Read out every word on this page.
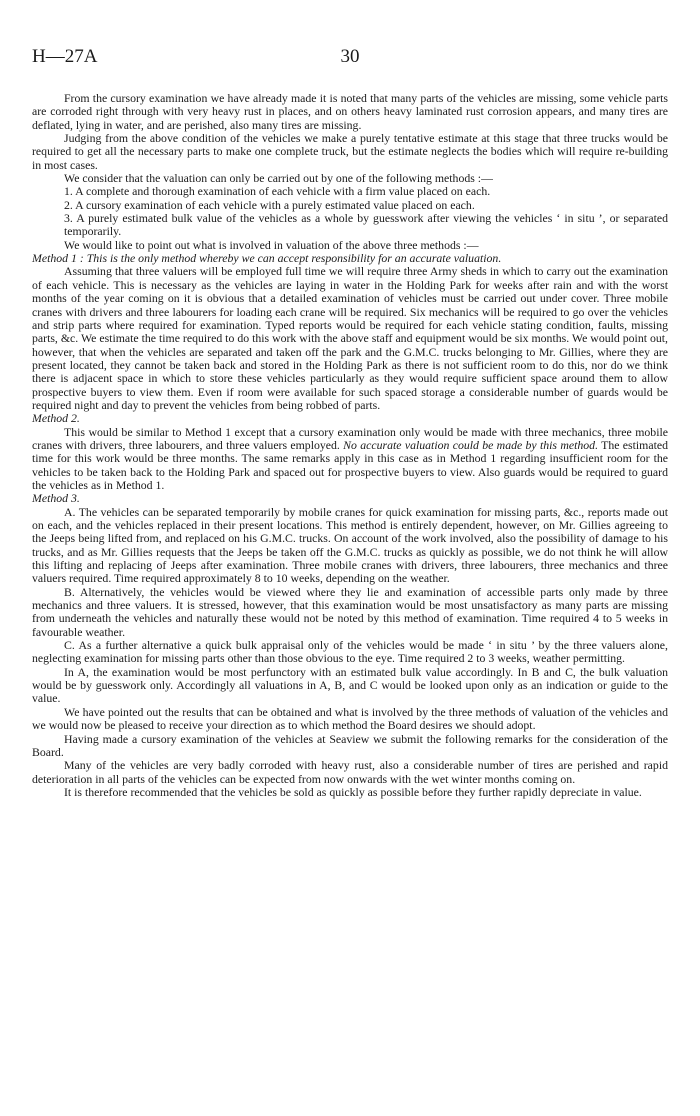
H—27A	30

From the cursory examination we have already made it is noted that many parts of the vehicles are missing, some vehicle parts are corroded right through with very heavy rust in places, and on others heavy laminated rust corrosion appears, and many tires are deflated, lying in water, and are perished, also many tires are missing.

Judging from the above condition of the vehicles we make a purely tentative estimate at this stage that three trucks would be required to get all the necessary parts to make one complete truck, but the estimate neglects the bodies which will require re-building in most cases.

We consider that the valuation can only be carried out by one of the following methods :—

1. A complete and thorough examination of each vehicle with a firm value placed on each.

2. A cursory examination of each vehicle with a purely estimated value placed on each.

3. A purely estimated bulk value of the vehicles as a whole by guesswork after viewing the vehicles ‘ in situ ’, or separated temporarily.

We would like to point out what is involved in valuation of the above three methods :—

Method 1 : This is the only method whereby we can accept responsibility for an accurate valuation.

Assuming that three valuers will be employed full time we will require three Army sheds in which to carry out the examination of each vehicle. This is necessary as the vehicles are laying in water in the Holding Park for weeks after rain and with the worst months of the year coming on it is obvious that a detailed examination of vehicles must be carried out under cover. Three mobile cranes with drivers and three labourers for loading each crane will be required. Six mechanics will be required to go over the vehicles and strip parts where required for examination. Typed reports would be required for each vehicle stating condition, faults, missing parts, &c. We estimate the time required to do this work with the above staff and equipment would be six months. We would point out, however, that when the vehicles are separated and taken off the park and the G.M.C. trucks belonging to Mr. Gillies, where they are present located, they cannot be taken back and stored in the Holding Park as there is not sufficient room to do this, nor do we think there is adjacent space in which to store these vehicles particularly as they would require sufficient space around them to allow prospective buyers to view them. Even if room were available for such spaced storage a considerable number of guards would be required night and day to prevent the vehicles from being robbed of parts.

Method 2.

This would be similar to Method 1 except that a cursory examination only would be made with three mechanics, three mobile cranes with drivers, three labourers, and three valuers employed. No accurate valuation could be made by this method. The estimated time for this work would be three months. The same remarks apply in this case as in Method 1 regarding insufficient room for the vehicles to be taken back to the Holding Park and spaced out for prospective buyers to view. Also guards would be required to guard the vehicles as in Method 1.

Method 3.

A. The vehicles can be separated temporarily by mobile cranes for quick examination for missing parts, &c., reports made out on each, and the vehicles replaced in their present locations. This method is entirely dependent, however, on Mr. Gillies agreeing to the Jeeps being lifted from, and replaced on his G.M.C. trucks. On account of the work involved, also the possibility of damage to his trucks, and as Mr. Gillies requests that the Jeeps be taken off the G.M.C. trucks as quickly as possible, we do not think he will allow this lifting and replacing of Jeeps after examination. Three mobile cranes with drivers, three labourers, three mechanics and three valuers required. Time required approximately 8 to 10 weeks, depending on the weather.

B. Alternatively, the vehicles would be viewed where they lie and examination of accessible parts only made by three mechanics and three valuers. It is stressed, however, that this examination would be most unsatisfactory as many parts are missing from underneath the vehicles and naturally these would not be noted by this method of examination. Time required 4 to 5 weeks in favourable weather.

C. As a further alternative a quick bulk appraisal only of the vehicles would be made ‘ in situ ’ by the three valuers alone, neglecting examination for missing parts other than those obvious to the eye. Time required 2 to 3 weeks, weather permitting.

In A, the examination would be most perfunctory with an estimated bulk value accordingly. In B and C, the bulk valuation would be by guesswork only. Accordingly all valuations in A, B, and C would be looked upon only as an indication or guide to the value.

We have pointed out the results that can be obtained and what is involved by the three methods of valuation of the vehicles and we would now be pleased to receive your direction as to which method the Board desires we should adopt.

Having made a cursory examination of the vehicles at Seaview we submit the following remarks for the consideration of the Board.

Many of the vehicles are very badly corroded with heavy rust, also a considerable number of tires are perished and rapid deterioration in all parts of the vehicles can be expected from now onwards with the wet winter months coming on.

It is therefore recommended that the vehicles be sold as quickly as possible before they further rapidly depreciate in value.
